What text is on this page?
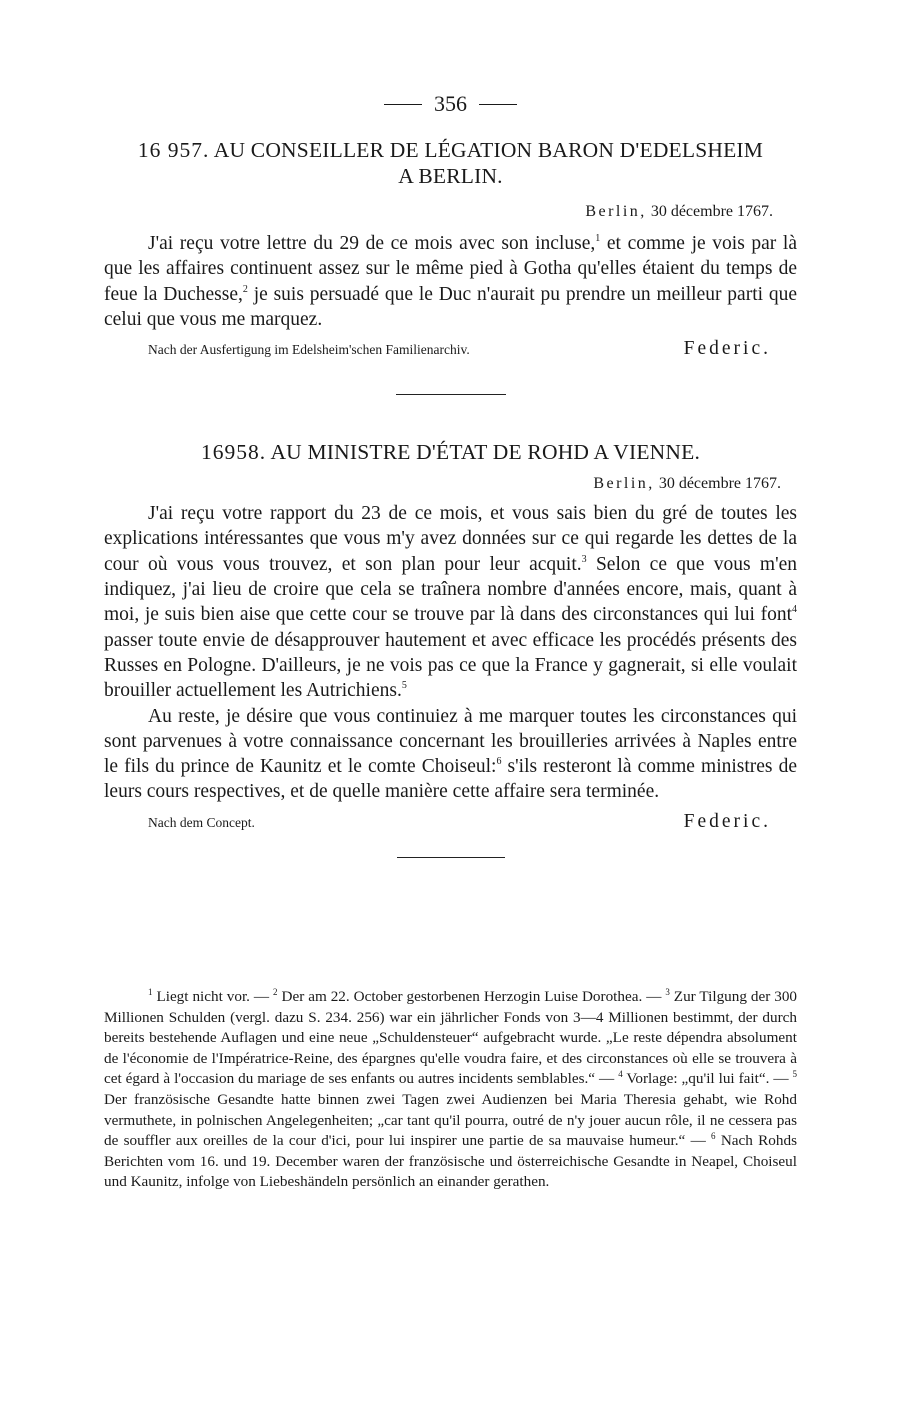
356
16 957. AU CONSEILLER DE LÉGATION BARON D'EDELSHEIM
A BERLIN.
Berlin, 30 décembre 1767.

J'ai reçu votre lettre du 29 de ce mois avec son incluse,$^1$ et comme je vois par là que les affaires continuent assez sur le même pied à Gotha qu'elles étaient du temps de feue la Duchesse,$^2$ je suis persuadé que le Duc n'aurait pu prendre un meilleur parti que celui que vous me marquez.

Nach der Ausfertigung im Edelsheim'schen Familienarchiv.	Federic.
16958. AU MINISTRE D'ÉTAT DE ROHD A VIENNE.
Berlin, 30 décembre 1767.

J'ai reçu votre rapport du 23 de ce mois, et vous sais bien du gré de toutes les explications intéressantes que vous m'y avez données sur ce qui regarde les dettes de la cour où vous vous trouvez, et son plan pour leur acquit.$^3$ Selon ce que vous m'en indiquez, j'ai lieu de croire que cela se traînera nombre d'années encore, mais, quant à moi, je suis bien aise que cette cour se trouve par là dans des circonstances qui lui font$^4$ passer toute envie de désapprouver hautement et avec efficace les procédés présents des Russes en Pologne. D'ailleurs, je ne vois pas ce que la France y gagnerait, si elle voulait brouiller actuellement les Autrichiens.$^5$

Au reste, je désire que vous continuiez à me marquer toutes les circonstances qui sont parvenues à votre connaissance concernant les brouilleries arrivées à Naples entre le fils du prince de Kaunitz et le comte Choiseul:$^6$ s'ils resteront là comme ministres de leurs cours respectives, et de quelle manière cette affaire sera terminée.

Nach dem Concept.	Federic.

$^1$ Liegt nicht vor. — $^2$ Der am 22. October gestorbenen Herzogin Luise Dorothea. — $^3$ Zur Tilgung der 300 Millionen Schulden (vergl. dazu S. 234. 256) war ein jährlicher Fonds von 3—4 Millionen bestimmt, der durch bereits bestehende Auflagen und eine neue „Schuldensteuer“ aufgebracht wurde. „Le reste dépendra absolument de l'économie de l'Impératrice-Reine, des épargnes qu'elle voudra faire, et des circonstances où elle se trouvera à cet égard à l'occasion du mariage de ses enfants ou autres incidents semblables.“ — $^4$ Vorlage: „qu'il lui fait“. — $^5$ Der französische Gesandte hatte binnen zwei Tagen zwei Audienzen bei Maria Theresia gehabt, wie Rohd vermuthete, in polnischen Angelegenheiten; „car tant qu'il pourra, outré de n'y jouer aucun rôle, il ne cessera pas de souffler aux oreilles de la cour d'ici, pour lui inspirer une partie de sa mauvaise humeur.“ — $^6$ Nach Rohds Berichten vom 16. und 19. December waren der französische und österreichische Gesandte in Neapel, Choiseul und Kaunitz, infolge von Liebeshändeln persönlich an einander gerathen.
